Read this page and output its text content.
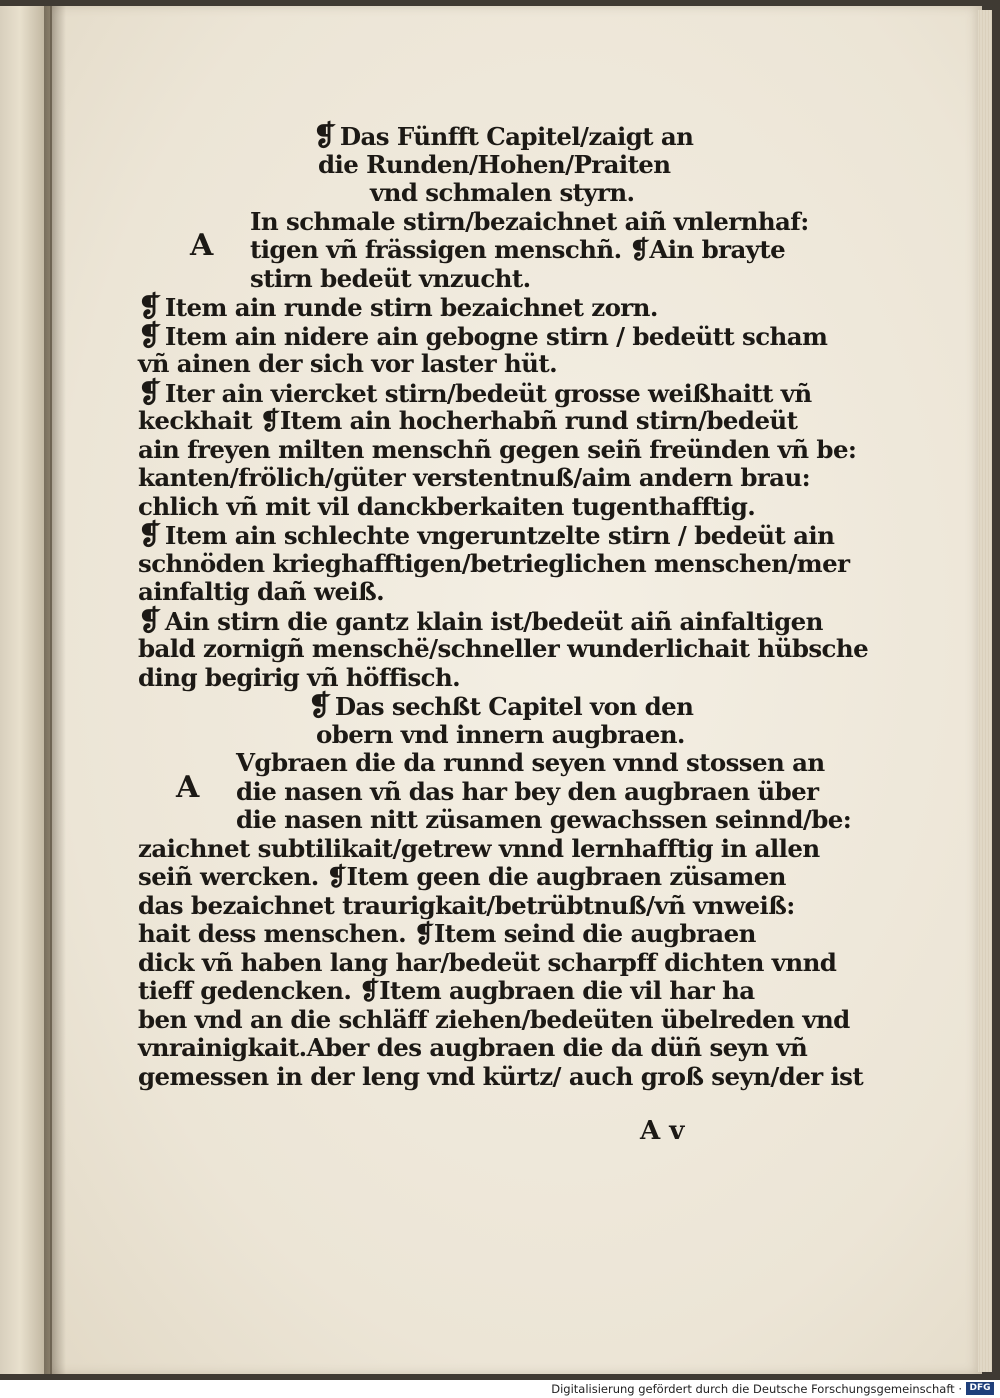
❡ Das Fünfft Capitel/zaigt an
die Runden/Hohen/Praiten
vnd schmalen styrn.
In schmale stirn/bezaichnet aiñ vnlernhaf:
A tigen vñ frässigen menschñ. ❡Ain brayte
stirn bedeüt vnzucht.
❡ Item ain runde stirn bezaichnet zorn.
❡ Item ain nidere ain gebogne stirn / bedeütt scham
vñ ainen der sich vor laster hüt.
❡ Iter ain viercket stirn/bedeüt grosse weißhaitt vñ
keckhait ❡Item ain hocherhabñ rund stirn/bedeüt
ain freyen milten menschñ gegen seiñ freünden vñ be:
kanten/frölich/güter verstentnuß/aim andern brau:
chlich vñ mit vil danckberkaiten tugenthafftig.
❡ Item ain schlechte vngeruntzelte stirn / bedeüt ain
schnöden krieghafftigen/betrieglichen menschen/mer
ainfaltig dañ weiß.
❡ Ain stirn die gantz klain ist/bedeüt aiñ ainfaltigen
bald zornigñ menschë/schneller wunderlichait hübsche
ding begirig vñ höffisch.
❡ Das sechßt Capitel von den
obern vnd innern augbraen.
Vgbraen die da runnd seyen vnnd stossen an
A die nasen vñ das har bey den augbraen über
die nasen nitt züsamen gewachssen seinnd/be:
zaichnet subtilikait/getrew vnnd lernhafftig in allen
seiñ wercken. ❡Item geen die augbraen züsamen
das bezaichnet traurigkait/betrübtnuß/vñ vnweiß:
hait dess menschen. ❡Item seind die augbraen
dick vñ haben lang har/bedeüt scharpff dichten vnnd
tieff gedencken. ❡Item augbraen die vil har ha
ben vnd an die schläff ziehen/bedeüten übelreden vnd
vnrainigkait.Aber des augbraen die da düñ seyn vñ
gemessen in der leng vnd kürtz/ auch groß seyn/der ist
A v
Digitalisierung gefördert durch die Deutsche Forschungsgemeinschaft · DFG
